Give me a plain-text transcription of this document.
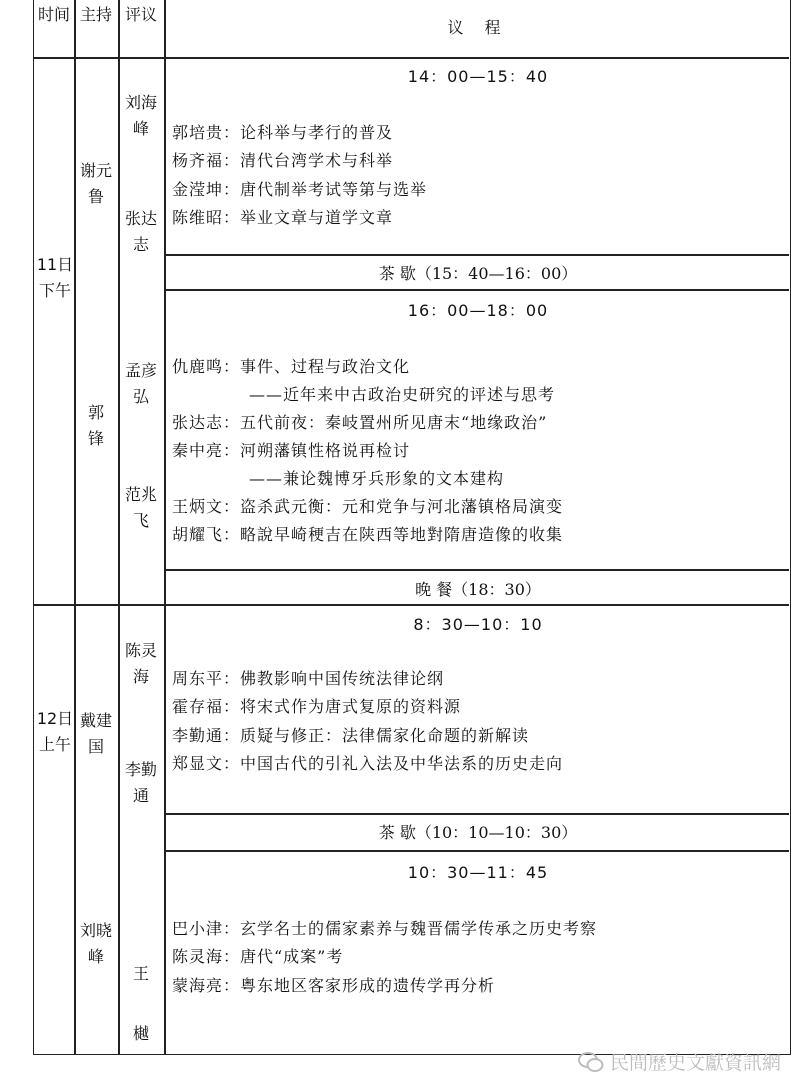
时间 主持 评议
议 程
11日下午
谢元鲁
郭 锋
刘海峰
张达志
孟彦弘
范兆飞
14：00—15：40
郭培贵：论科举与孝行的普及
杨齐福：清代台湾学术与科举
金滢坤：唐代制举考试等第与选举
陈维昭：举业文章与道学文章
茶 歇（15：40—16：00）
16：00—18：00
仇鹿鸣：事件、过程与政治文化
——近年来中古政治史研究的评述与思考
张达志：五代前夜：秦岐置州所见唐末“地缘政治”
秦中亮：河朔藩镇性格说再检讨
——兼论魏博牙兵形象的文本建构
王炳文：盗杀武元衡：元和党争与河北藩镇格局演变
胡耀飞：略說早崎稉吉在陕西等地對隋唐造像的收集
晚 餐（18：30）
12日上午
戴建国
刘晓峰
陈灵海
李勤通
王 樾
8：30—10：10
周东平：佛教影响中国传统法律论纲
霍存福：将宋式作为唐式复原的资料源
李勤通：质疑与修正：法律儒家化命题的新解读
郑显文：中国古代的引礼入法及中华法系的历史走向
茶 歇（10：10—10：30）
10：30—11：45
巴小津：玄学名士的儒家素养与魏晋儒学传承之历史考察
陈灵海：唐代“成案”考
蒙海亮：粤东地区客家形成的遗传学再分析
民間歷史文獻資訊網
